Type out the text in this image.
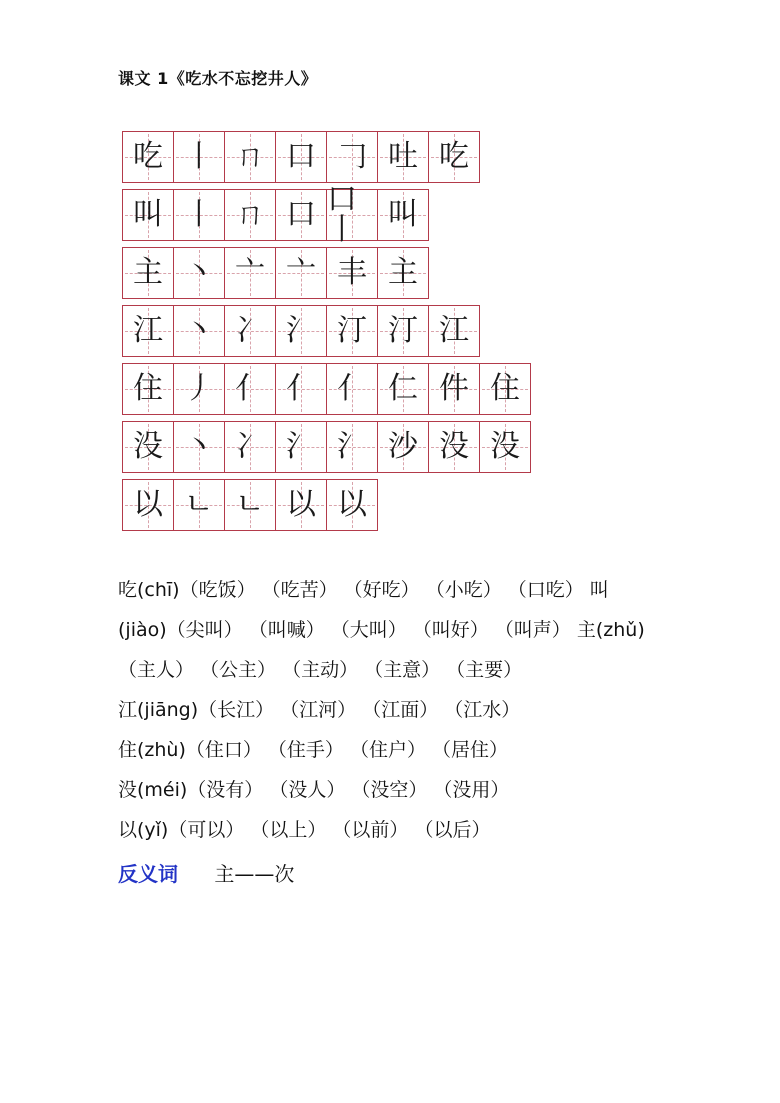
课文 1《吃水不忘挖井人》
吃 丨 ㄇ 口 𠃌 吐 吃
叫 丨 ㄇ 口 口丨	叫
主 丶 亠 亠 丰 主
江 丶 冫 氵 汀 汀 江
住 丿 亻 亻 亻 仁 件 住
没 丶 冫 氵 氵 沙 没 没
以 ㄴ ㄴ 以 以
吃(chī)（吃饭） （吃苦） （好吃） （小吃） （口吃） 叫
(jiào)（尖叫） （叫喊） （大叫） （叫好） （叫声） 主(zhǔ)
（主人） （公主） （主动） （主意） （主要）
江(jiāng)（长江） （江河） （江面） （江水）
住(zhù)（住口） （住手） （住户） （居住）
没(méi)（没有） （没人） （没空） （没用）
以(yǐ)（可以） （以上） （以前） （以后）
反义词 主——次
